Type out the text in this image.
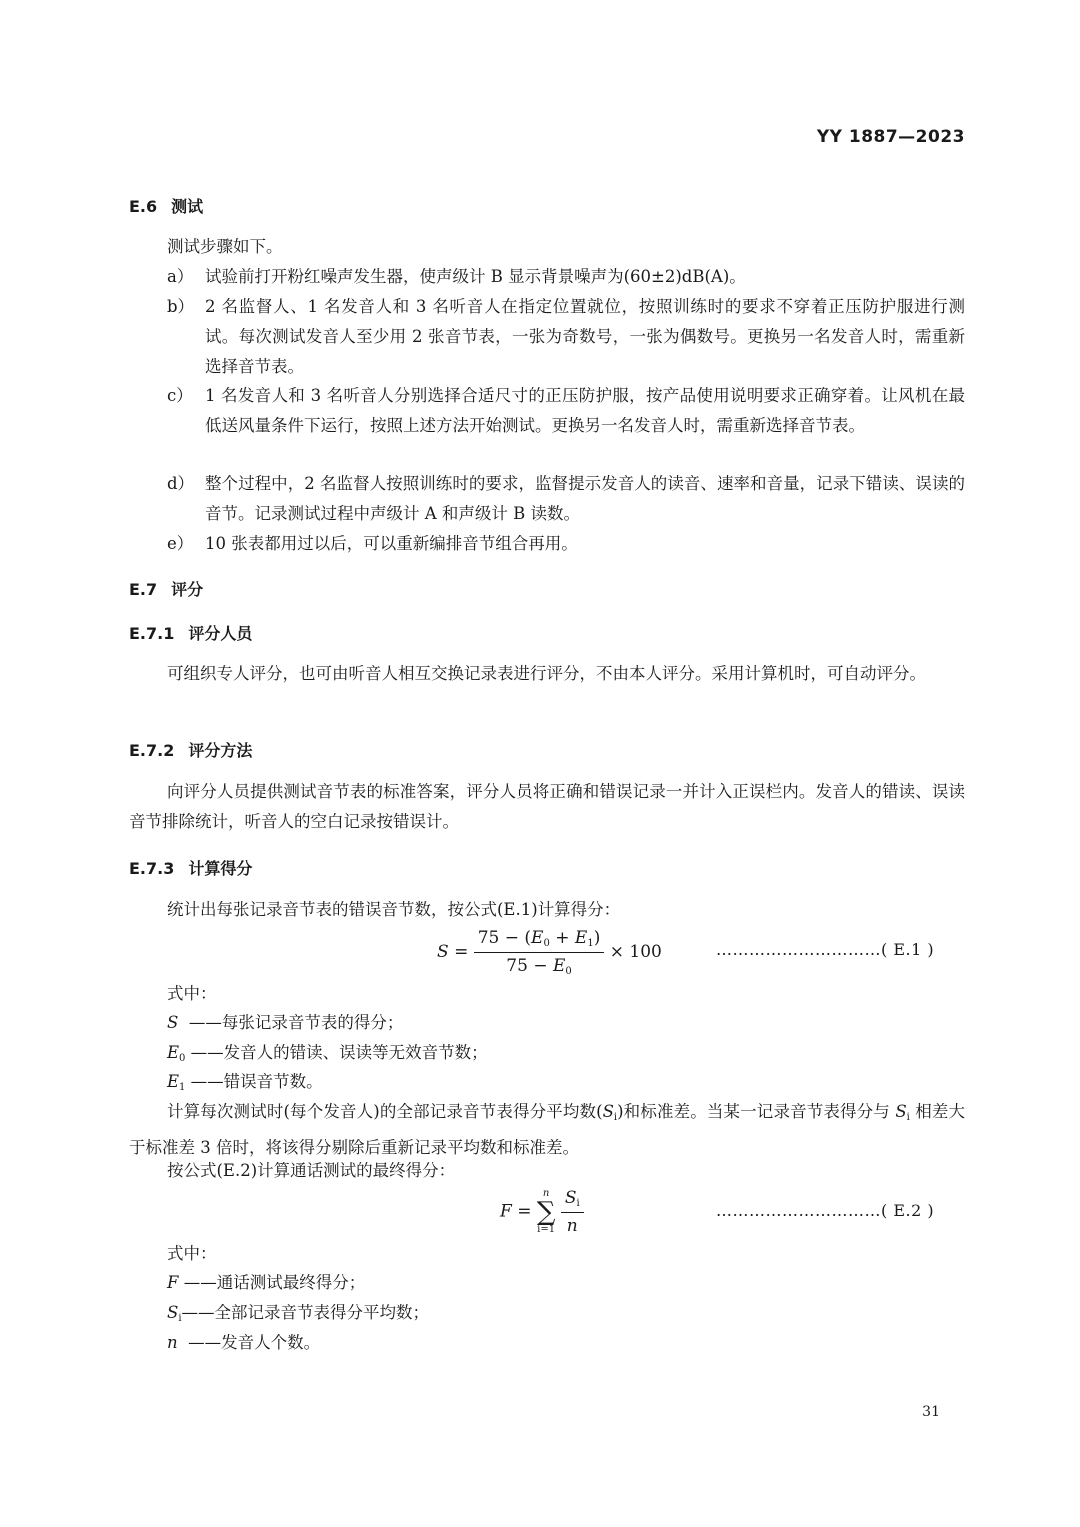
YY 1887—2023
E.6 测试
测试步骤如下。
a） 试验前打开粉红噪声发生器，使声级计 B 显示背景噪声为(60±2)dB(A)。
b） 2 名监督人、1 名发音人和 3 名听音人在指定位置就位，按照训练时的要求不穿着正压防护服进行测试。每次测试发音人至少用 2 张音节表，一张为奇数号，一张为偶数号。更换另一名发音人时，需重新选择音节表。
c） 1 名发音人和 3 名听音人分别选择合适尺寸的正压防护服，按产品使用说明要求正确穿着。让风机在最低送风量条件下运行，按照上述方法开始测试。更换另一名发音人时，需重新选择音节表。
d） 整个过程中，2 名监督人按照训练时的要求，监督提示发音人的读音、速率和音量，记录下错读、误读的音节。记录测试过程中声级计 A 和声级计 B 读数。
e） 10 张表都用过以后，可以重新编排音节组合再用。
E.7 评分
E.7.1 评分人员
可组织专人评分，也可由听音人相互交换记录表进行评分，不由本人评分。采用计算机时，可自动评分。
E.7.2 评分方法
向评分人员提供测试音节表的标准答案，评分人员将正确和错误记录一并计入正误栏内。发音人的错读、误读音节排除统计，听音人的空白记录按错误计。
E.7.3 计算得分
统计出每张记录音节表的错误音节数，按公式(E.1)计算得分：
$S = \frac{75 - (E_0 + E_1)}{75 - E_0} \times 100$	…………………………( E.1 )
式中：
S ——每张记录音节表的得分；
$E_0$ ——发音人的错读、误读等无效音节数；
$E_1$ ——错误音节数。
计算每次测试时(每个发音人)的全部记录音节表得分平均数$(S_i)$和标准差。当某一记录音节表得分与 $S_i$ 相差大于标准差 3 倍时，将该得分剔除后重新记录平均数和标准差。
按公式(E.2)计算通话测试的最终得分：
F =
n
∑
i=1
$\frac{S_i}{n}$	…………………………( E.2 )
式中：
F ——通话测试最终得分；
$S_i——$全部记录音节表得分平均数；
n ——发音人个数。
31
